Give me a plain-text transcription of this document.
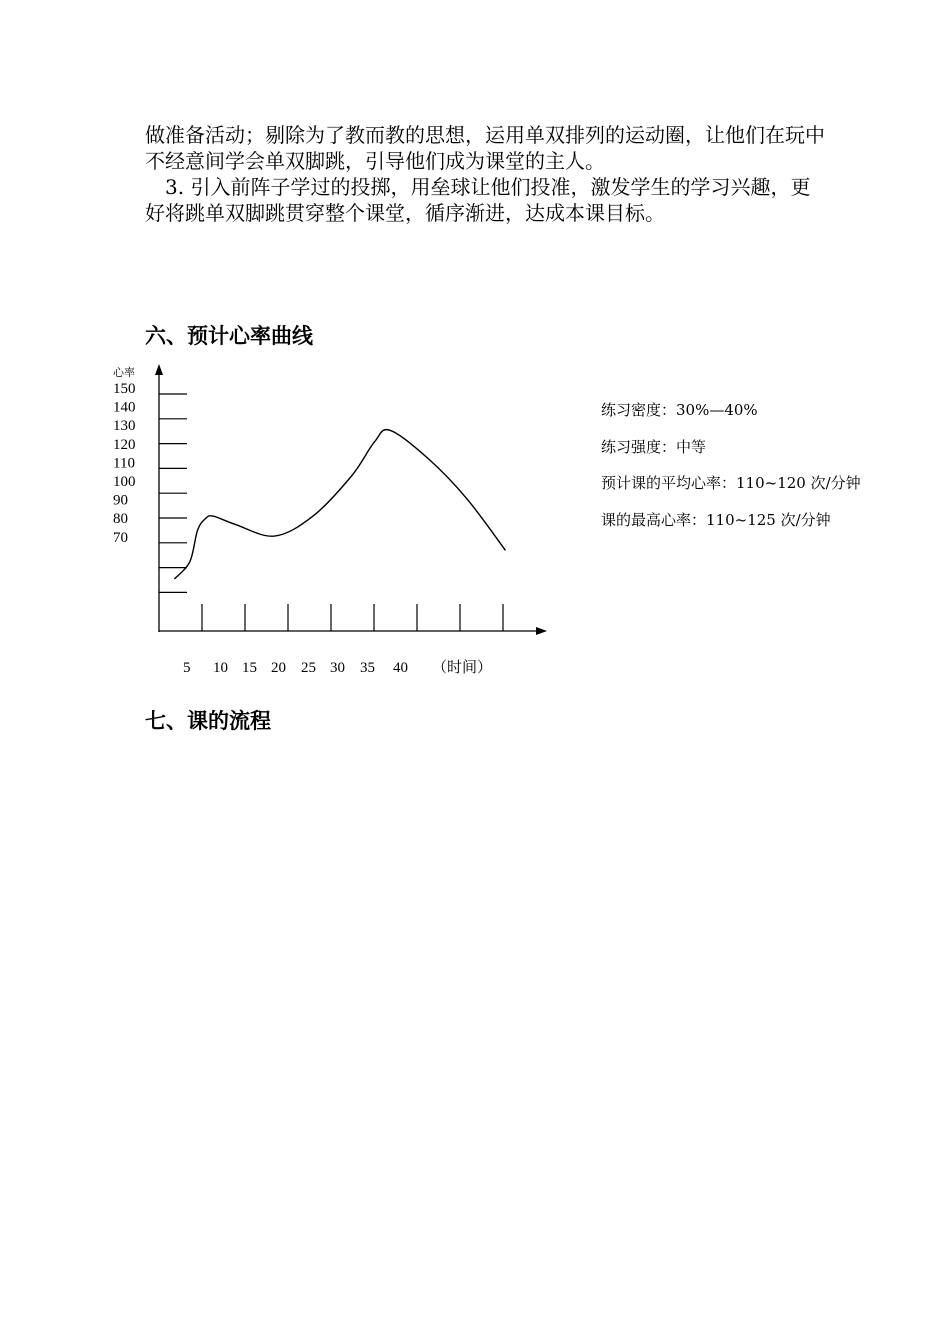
做准备活动；剔除为了教而教的思想，运用单双排列的运动圈，让他们在玩中不经意间学会单双脚跳，引导他们成为课堂的主人。

3. 引入前阵子学过的投掷，用垒球让他们投准，激发学生的学习兴趣，更好将跳单双脚跳贯穿整个课堂，循序渐进，达成本课目标。

六、预计心率曲线
150
140
130
120
110
100
90
80
70
5 10 15 20 25 30 35 40
心率
（时间）

练习密度：30%—40%

练习强度：中等

预计课的平均心率：110~120 次/分钟

课的最高心率：110~125 次/分钟

七、课的流程
